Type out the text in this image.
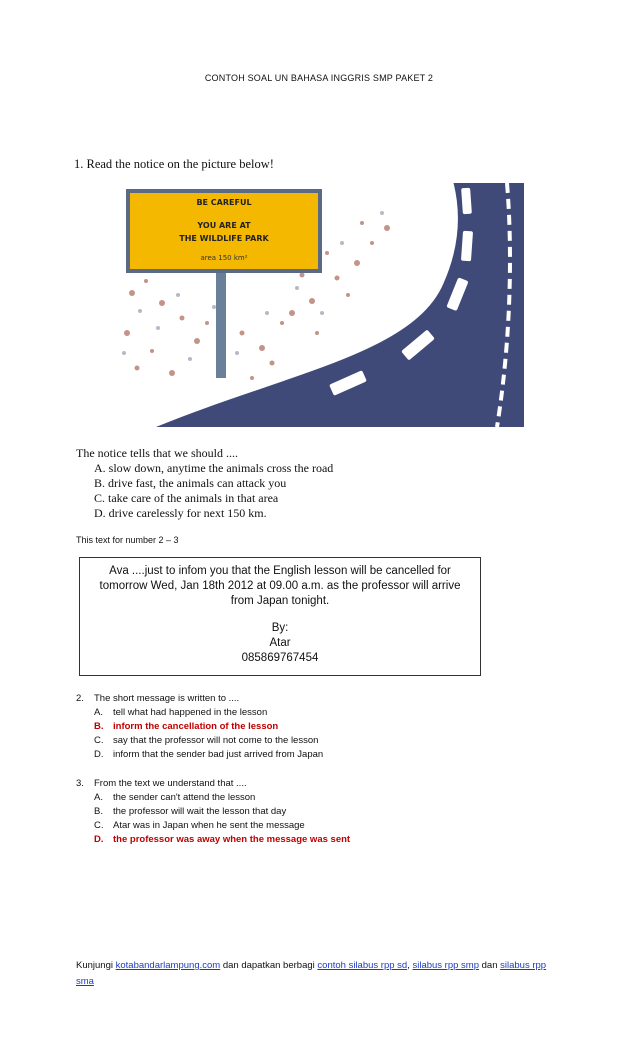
CONTOH SOAL UN BAHASA INGGRIS SMP PAKET 2
1. Read the notice on the picture below!
BE CAREFUL
YOU ARE AT
THE WILDLIFE PARK
area 150 km²
The notice tells that we should ....
A. slow down, anytime the animals cross the road
B. drive fast, the animals can attack you
C. take care of the animals in that area
D. drive carelessly for next 150 km.
This text for number 2 – 3
Ava ....just to infom you that the English lesson will be cancelled for tomorrow Wed, Jan 18th 2012 at 09.00 a.m. as the professor will arrive from Japan tonight.
By:
Atar
085869767454
2. The short message is written to ....
A. tell what had happened in the lesson
B. inform the cancellation of the lesson
C. say that the professor will not come to the lesson
D. inform that the sender bad just arrived from Japan
3. From the text we understand that ....
A. the sender can't attend the lesson
B. the professor will wait the lesson that day
C. Atar was in Japan when he sent the message
D. the professor was away when the message was sent
Kunjungi kotabandarlampung.com dan dapatkan berbagi contoh silabus rpp sd, silabus rpp smp dan silabus rpp sma
